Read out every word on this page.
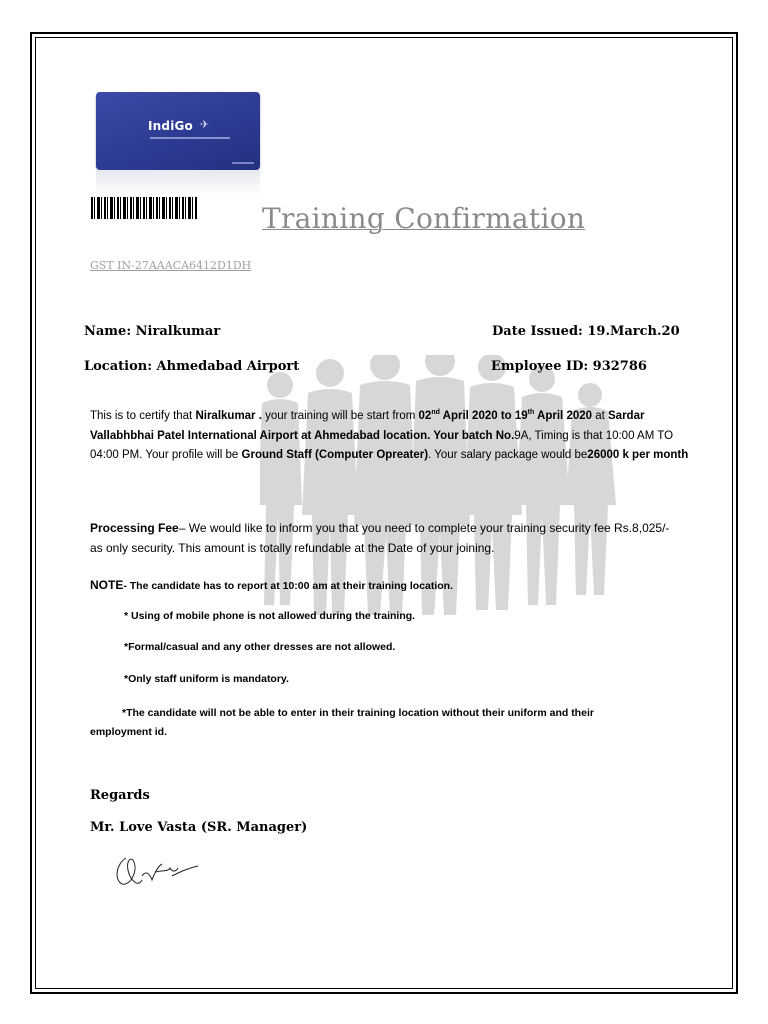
IndiGo ✈
Training Confirmation
GST IN-27AAACA6412D1DH
Name: Niralkumar	Date Issued: 19.March.20
Location: Ahmedabad Airport	Employee ID: 932786
This is to certify that Niralkumar . your training will be start from 02nd April 2020 to 19th April 2020 at Sardar Vallabhbhai Patel International Airport at Ahmedabad location. Your batch No.9A, Timing is that 10:00 AM TO 04:00 PM. Your profile will be Ground Staff (Computer Opreater). Your salary package would be26000 k per month
Processing Fee– We would like to inform you that you need to complete your training security fee Rs.8,025/- as only security. This amount is totally refundable at the Date of your joining.
NOTE- The candidate has to report at 10:00 am at their training location.
* Using of mobile phone is not allowed during the training.
*Formal/casual and any other dresses are not allowed.
*Only staff uniform is mandatory.
*The candidate will not be able to enter in their training location without their uniform and their employment id.
Regards
Mr. Love Vasta (SR. Manager)
